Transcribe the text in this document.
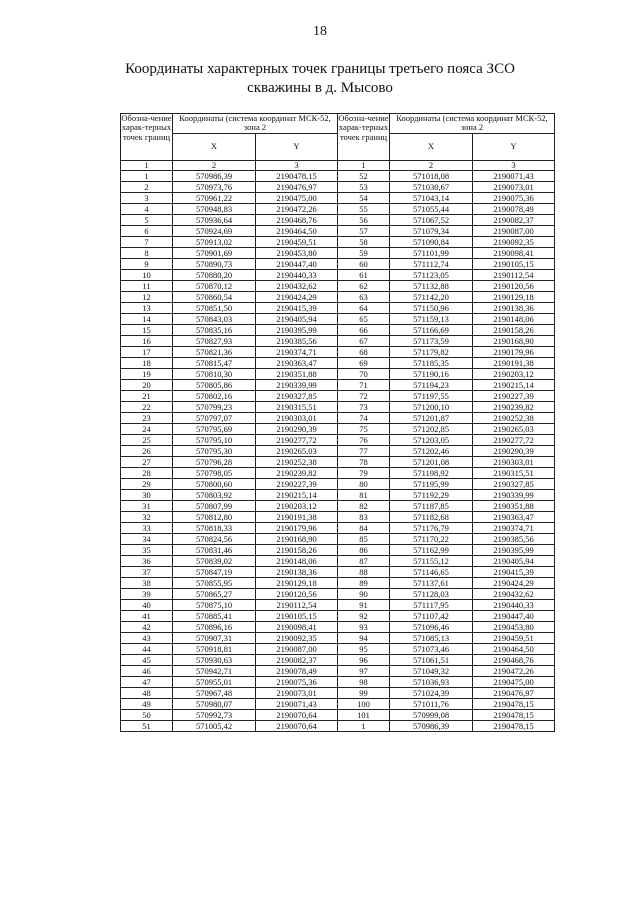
18
Координаты характерных точек границы третьего пояса ЗСО
скважины в д. Мысово
Обозна-чение харак-терных точек границ	Координаты (система координат МСК-52, зона 2		Обозна-чение харак-терных точек границ	Координаты (система координат МСК-52, зона 2	
	X	Y		X	Y
1	2	3	1	2	3
1	570986,39	2190478,15	52	571018,08	2190071,43
2	570973,76	2190476,97	53	571030,67	2190073,01
3	570961,22	2190475,00	54	571043,14	2190075,36
4	570948,83	2190472,26	55	571055,44	2190078,49
5	570936,64	2190468,76	56	571067,52	2190082,37
6	570924,69	2190464,50	57	571079,34	2190087,00
7	570913,02	2190459,51	58	571090,84	2190092,35
8	570901,69	2190453,80	59	571101,99	2190098,41
9	570890,73	2190447,40	60	571112,74	2190105,15
10	570880,20	2190440,33	61	571123,05	2190112,54
11	570870,12	2190432,62	62	571132,88	2190120,56
12	570860,54	2190424,29	63	571142,20	2190129,18
13	570851,50	2190415,39	64	571150,96	2190138,36
14	570843,03	2190405,94	65	571159,13	2190148,06
15	570835,16	2190395,99	66	571166,69	2190158,26
16	570827,93	2190385,56	67	571173,59	2190168,90
17	570821,36	2190374,71	68	571179,82	2190179,96
18	570815,47	2190363,47	69	571185,35	2190191,38
19	570810,30	2190351,88	70	571190,16	2190203,12
20	570805,86	2190339,99	71	571194,23	2190215,14
21	570802,16	2190327,85	72	571197,55	2190227,39
22	570799,23	2190315,51	73	571200,10	2190239,82
23	570797,07	2190303,01	74	571201,87	2190252,38
24	570795,69	2190290,39	75	571202,85	2190265,03
25	570795,10	2190277,72	76	571203,05	2190277,72
26	570795,30	2190265,03	77	571202,46	2190290,39
27	570796,28	2190252,38	78	571201,08	2190303,01
28	570798,05	2190239,82	79	571198,92	2190315,51
29	570800,60	2190227,39	80	571195,99	2190327,85
30	570803,92	2190215,14	81	571192,29	2190339,99
31	570807,99	2190203,12	82	571187,85	2190351,88
32	570812,80	2190191,38	83	571182,68	2190363,47
33	570818,33	2190179,96	84	571176,79	2190374,71
34	570824,56	2190168,90	85	571170,22	2190385,56
35	570831,46	2190158,26	86	571162,99	2190395,99
36	570839,02	2190148,06	87	571155,12	2190405,94
37	570847,19	2190138,36	88	571146,65	2190415,39
38	570855,95	2190129,18	89	571137,61	2190424,29
39	570865,27	2190120,56	90	571128,03	2190432,62
40	570875,10	2190112,54	91	571117,95	2190440,33
41	570885,41	2190105,15	92	571107,42	2190447,40
42	570896,16	2190098,41	93	571096,46	2190453,80
43	570907,31	2190092,35	94	571085,13	2190459,51
44	570918,81	2190087,00	95	571073,46	2190464,50
45	570930,63	2190082,37	96	571061,51	2190468,76
46	570942,71	2190078,49	97	571049,32	2190472,26
47	570955,01	2190075,36	98	571036,93	2190475,00
48	570967,48	2190073,01	99	571024,39	2190476,97
49	570980,07	2190071,43	100	571011,76	2190478,15
50	570992,73	2190070,64	101	570999,08	2190478,15
51	571005,42	2190070,64	1	570986,39	2190478,15
